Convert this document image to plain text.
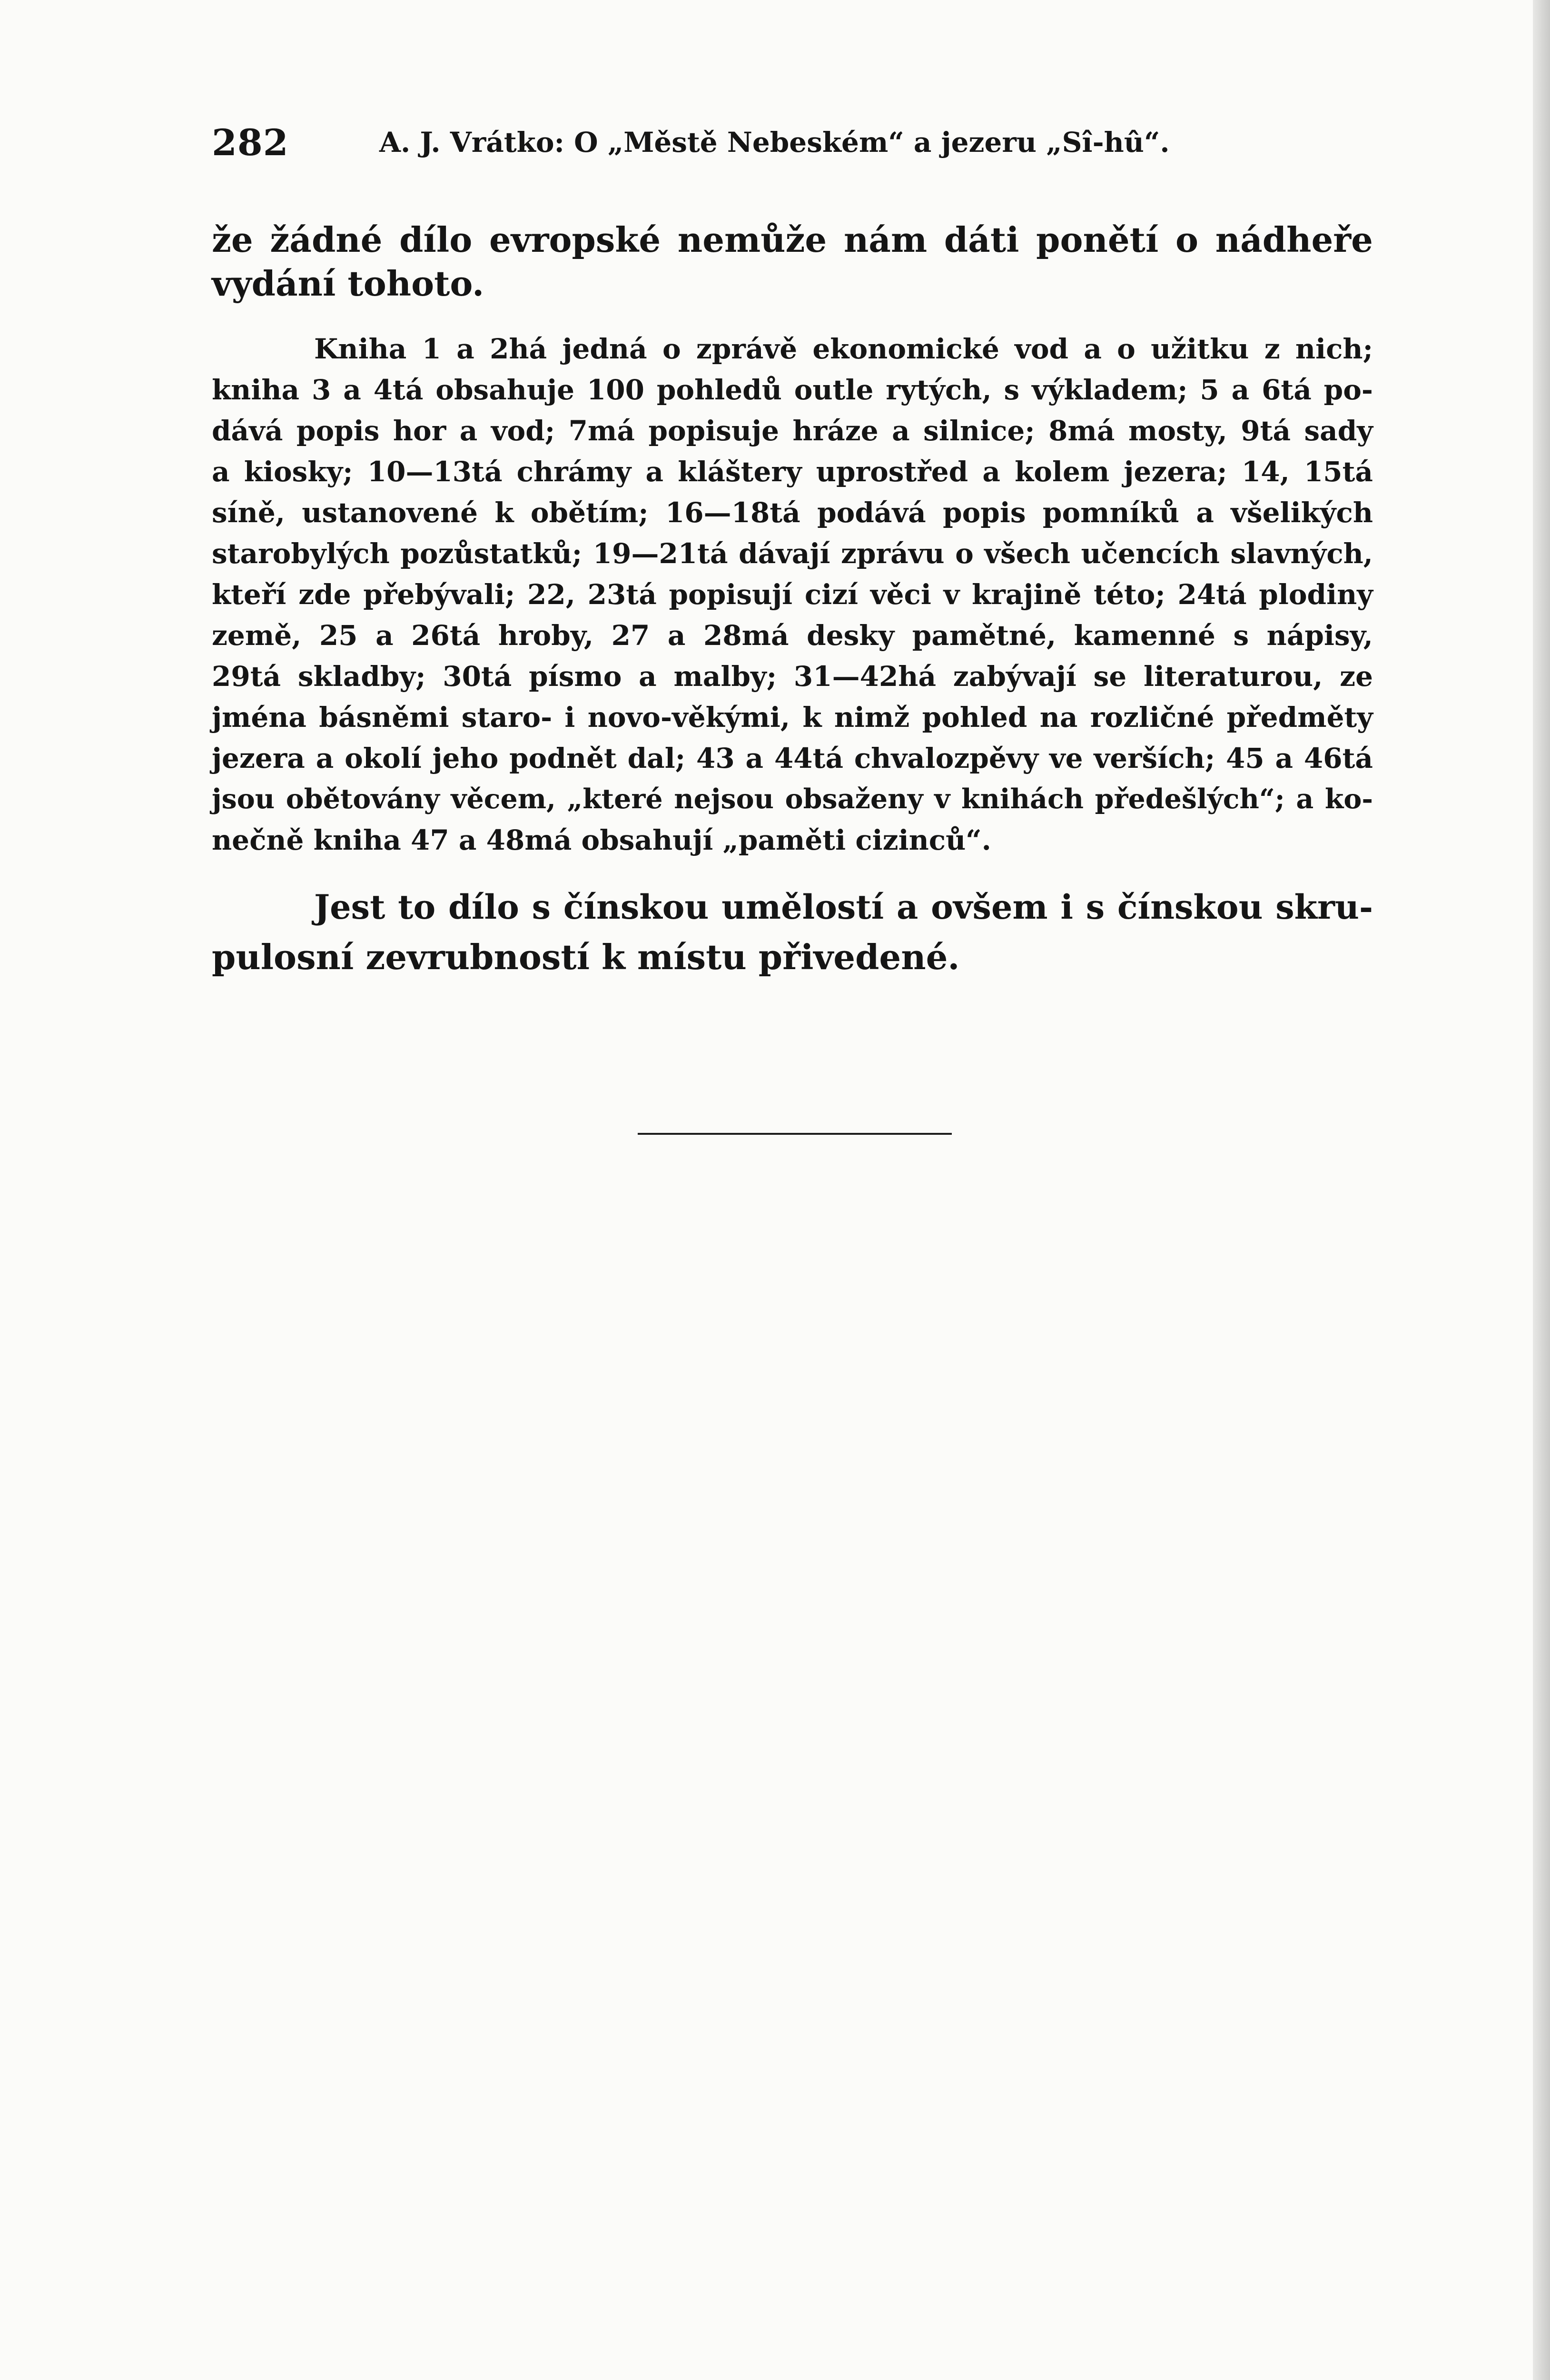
282	A. J. Vrátko: O „Městě Nebeském“ a jezeru „Sî-hû“.
že žádné dílo evropské nemůže nám dáti ponětí o nádheře
vydání tohoto.
Kniha 1 a 2há jedná o zprávě ekonomické vod a o užitku z nich;
kniha 3 a 4tá obsahuje 100 pohledů outle rytých, s výkladem; 5 a 6tá po-
dává popis hor a vod; 7má popisuje hráze a silnice; 8má mosty, 9tá sady
a kiosky; 10—13tá chrámy a kláštery uprostřed a kolem jezera; 14, 15tá
síně, ustanovené k obětím; 16—18tá podává popis pomníků a všelikých
starobylých pozůstatků; 19—21tá dávají zprávu o všech učencích slavných,
kteří zde přebývali; 22, 23tá popisují cizí věci v krajině této; 24tá plodiny
země, 25 a 26tá hroby, 27 a 28má desky pamětné, kamenné s nápisy,
29tá skladby; 30tá písmo a malby; 31—42há zabývají se literaturou, ze
jména básněmi staro- i novo-věkými, k nimž pohled na rozličné předměty
jezera a okolí jeho podnět dal; 43 a 44tá chvalozpěvy ve verších; 45 a 46tá
jsou obětovány věcem, „které nejsou obsaženy v knihách předešlých“; a ko-
nečně kniha 47 a 48má obsahují „paměti cizinců“.
Jest to dílo s čínskou umělostí a ovšem i s čínskou skru-
pulosní zevrubností k místu přivedené.
